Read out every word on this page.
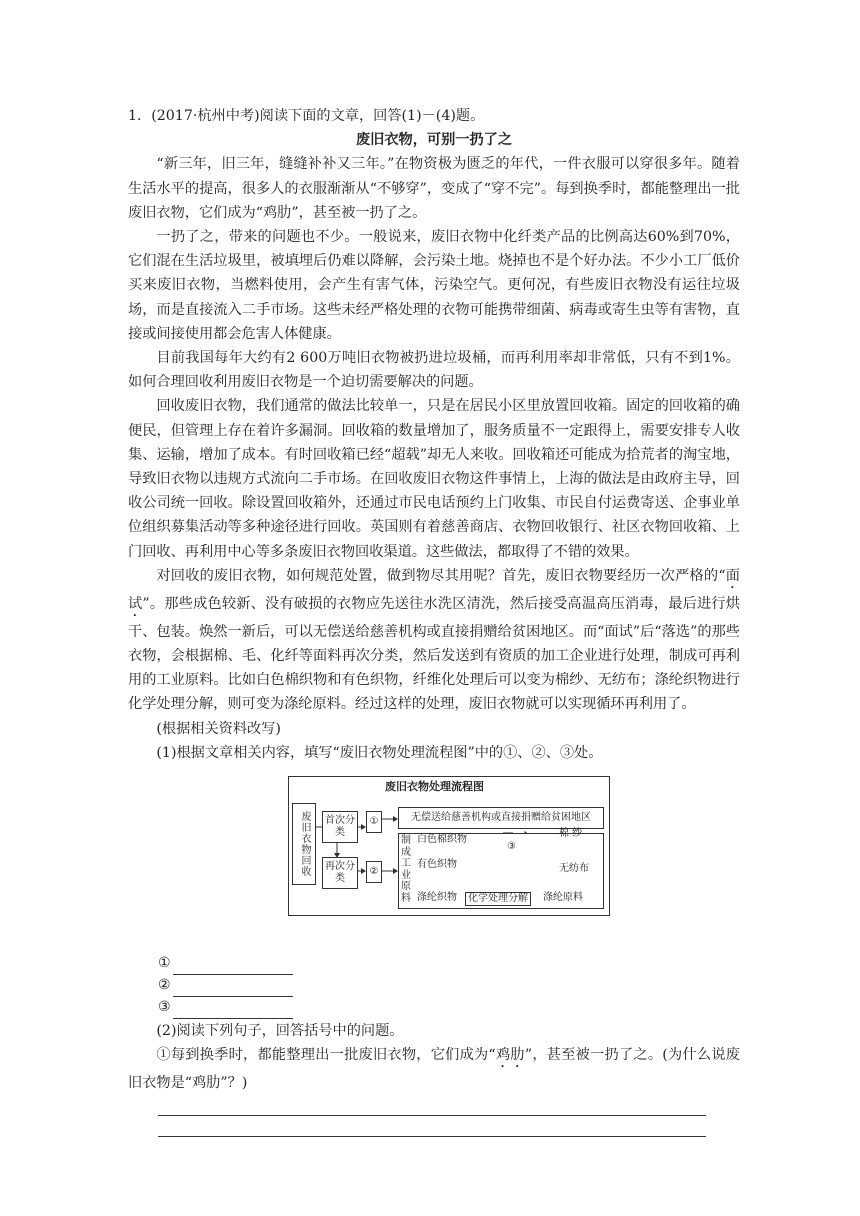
1．(2017·杭州中考)阅读下面的文章，回答(1)－(4)题。

废旧衣物，可别一扔了之

“新三年，旧三年，缝缝补补又三年。”在物资极为匮乏的年代，一件衣服可以穿很多年。随着生活水平的提高，很多人的衣服渐渐从“不够穿”，变成了“穿不完”。每到换季时，都能整理出一批废旧衣物，它们成为“鸡肋”，甚至被一扔了之。

一扔了之，带来的问题也不少。一般说来，废旧衣物中化纤类产品的比例高达60%到70%，它们混在生活垃圾里，被填埋后仍难以降解，会污染土地。烧掉也不是个好办法。不少小工厂低价买来废旧衣物，当燃料使用，会产生有害气体，污染空气。更何况，有些废旧衣物没有运往垃圾场，而是直接流入二手市场。这些未经严格处理的衣物可能携带细菌、病毒或寄生虫等有害物，直接或间接使用都会危害人体健康。

目前我国每年大约有2 600万吨旧衣物被扔进垃圾桶，而再利用率却非常低，只有不到1%。如何合理回收利用废旧衣物是一个迫切需要解决的问题。

回收废旧衣物，我们通常的做法比较单一，只是在居民小区里放置回收箱。固定的回收箱的确便民，但管理上存在着许多漏洞。回收箱的数量增加了，服务质量不一定跟得上，需要安排专人收集、运输，增加了成本。有时回收箱已经“超载”却无人来收。回收箱还可能成为拾荒者的淘宝地，导致旧衣物以违规方式流向二手市场。在回收废旧衣物这件事情上，上海的做法是由政府主导，回收公司统一回收。除设置回收箱外，还通过市民电话预约上门收集、市民自付运费寄送、企事业单位组织募集活动等多种途径进行回收。英国则有着慈善商店、衣物回收银行、社区衣物回收箱、上门回收、再利用中心等多条废旧衣物回收渠道。这些做法，都取得了不错的效果。

对回收的废旧衣物，如何规范处置，做到物尽其用呢？首先，废旧衣物要经历一次严格的“面试”。那些成色较新、没有破损的衣物应先送往水洗区清洗，然后接受高温高压消毒，最后进行烘干、包装。焕然一新后，可以无偿送给慈善机构或直接捐赠给贫困地区。而“面试”后“落选”的那些衣物，会根据棉、毛、化纤等面料再次分类，然后发送到有资质的加工企业进行处理，制成可再利用的工业原料。比如白色棉织物和有色织物，纤维化处理后可以变为棉纱、无纺布；涤纶织物进行化学处理分解，则可变为涤纶原料。经过这样的处理，废旧衣物就可以实现循环再利用了。

(根据相关资料改写)

(1)根据文章相关内容，填写“废旧衣物处理流程图”中的①、②、③处。

①
②
③

(2)阅读下列句子，回答括号中的问题。

①每到换季时，都能整理出一批废旧衣物，它们成为“鸡肋”，甚至被一扔了之。(为什么说废旧衣物是“鸡肋”？)

废旧衣物处理流程图
废旧衣物回收	首次分类
再次分类
①
②
无偿送给慈善机构或直接捐赠给贫困地区
制成工业原料
白色棉织物
有色织物
涤纶织物	化学处理分解
③
棉 纱
无纺布
涤纶原料
